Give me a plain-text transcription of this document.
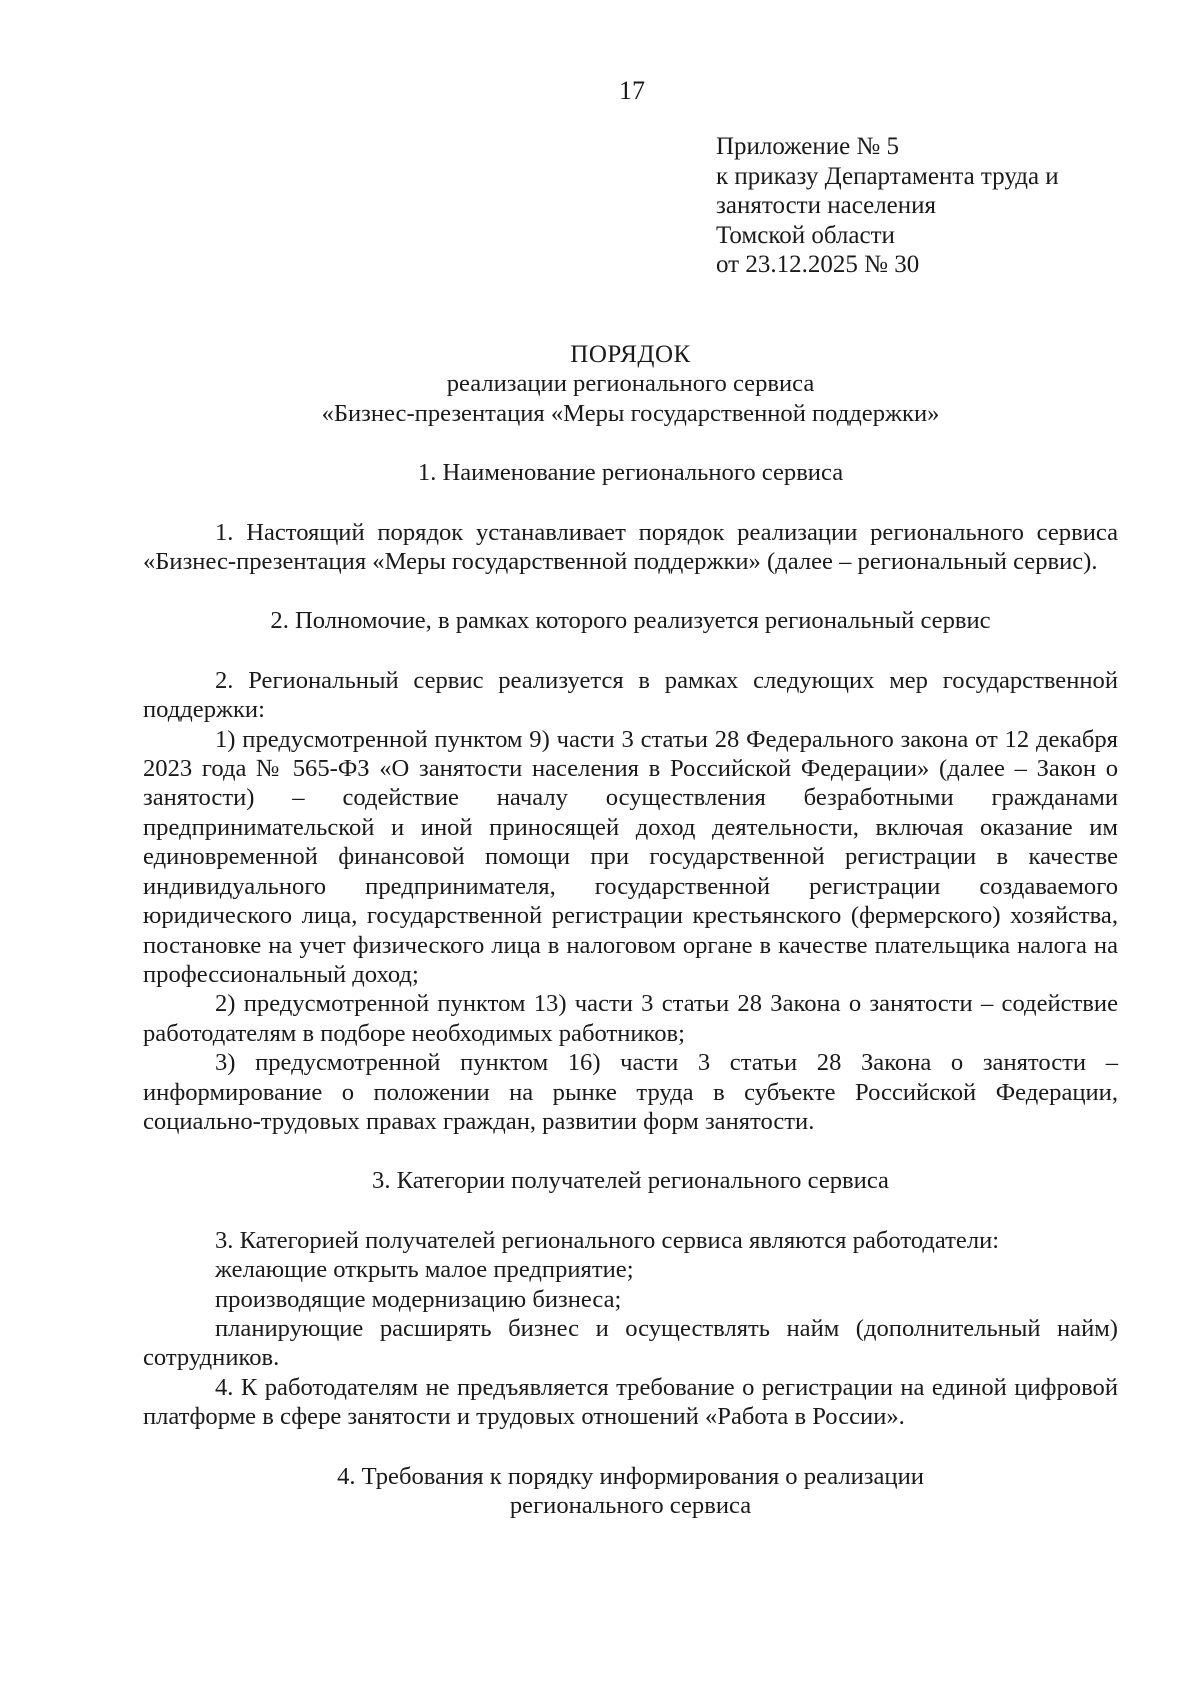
17
Приложение № 5
к приказу Департамента труда и
занятости населения
Томской области
от 23.12.2025 № 30
ПОРЯДОК
реализации регионального сервиса
«Бизнес-презентация «Меры государственной поддержки»
1. Наименование регионального сервиса
1. Настоящий порядок устанавливает порядок реализации регионального сервиса «Бизнес-презентация «Меры государственной поддержки» (далее – региональный сервис).
2. Полномочие, в рамках которого реализуется региональный сервис
2. Региональный сервис реализуется в рамках следующих мер государственной поддержки:
1) предусмотренной пунктом 9) части 3 статьи 28 Федерального закона от 12 декабря 2023 года № 565-ФЗ «О занятости населения в Российской Федерации» (далее – Закон о занятости) – содействие началу осуществления безработными гражданами предпринимательской и иной приносящей доход деятельности, включая оказание им единовременной финансовой помощи при государственной регистрации в качестве индивидуального предпринимателя, государственной регистрации создаваемого юридического лица, государственной регистрации крестьянского (фермерского) хозяйства, постановке на учет физического лица в налоговом органе в качестве плательщика налога на профессиональный доход;
2) предусмотренной пунктом 13) части 3 статьи 28 Закона о занятости – содействие работодателям в подборе необходимых работников;
3) предусмотренной пунктом 16) части 3 статьи 28 Закона о занятости – информирование о положении на рынке труда в субъекте Российской Федерации, социально-трудовых правах граждан, развитии форм занятости.
3. Категории получателей регионального сервиса
3. Категорией получателей регионального сервиса являются работодатели:
желающие открыть малое предприятие;
производящие модернизацию бизнеса;
планирующие расширять бизнес и осуществлять найм (дополнительный найм) сотрудников.
4. К работодателям не предъявляется требование о регистрации на единой цифровой платформе в сфере занятости и трудовых отношений «Работа в России».
4. Требования к порядку информирования о реализации
регионального сервиса
